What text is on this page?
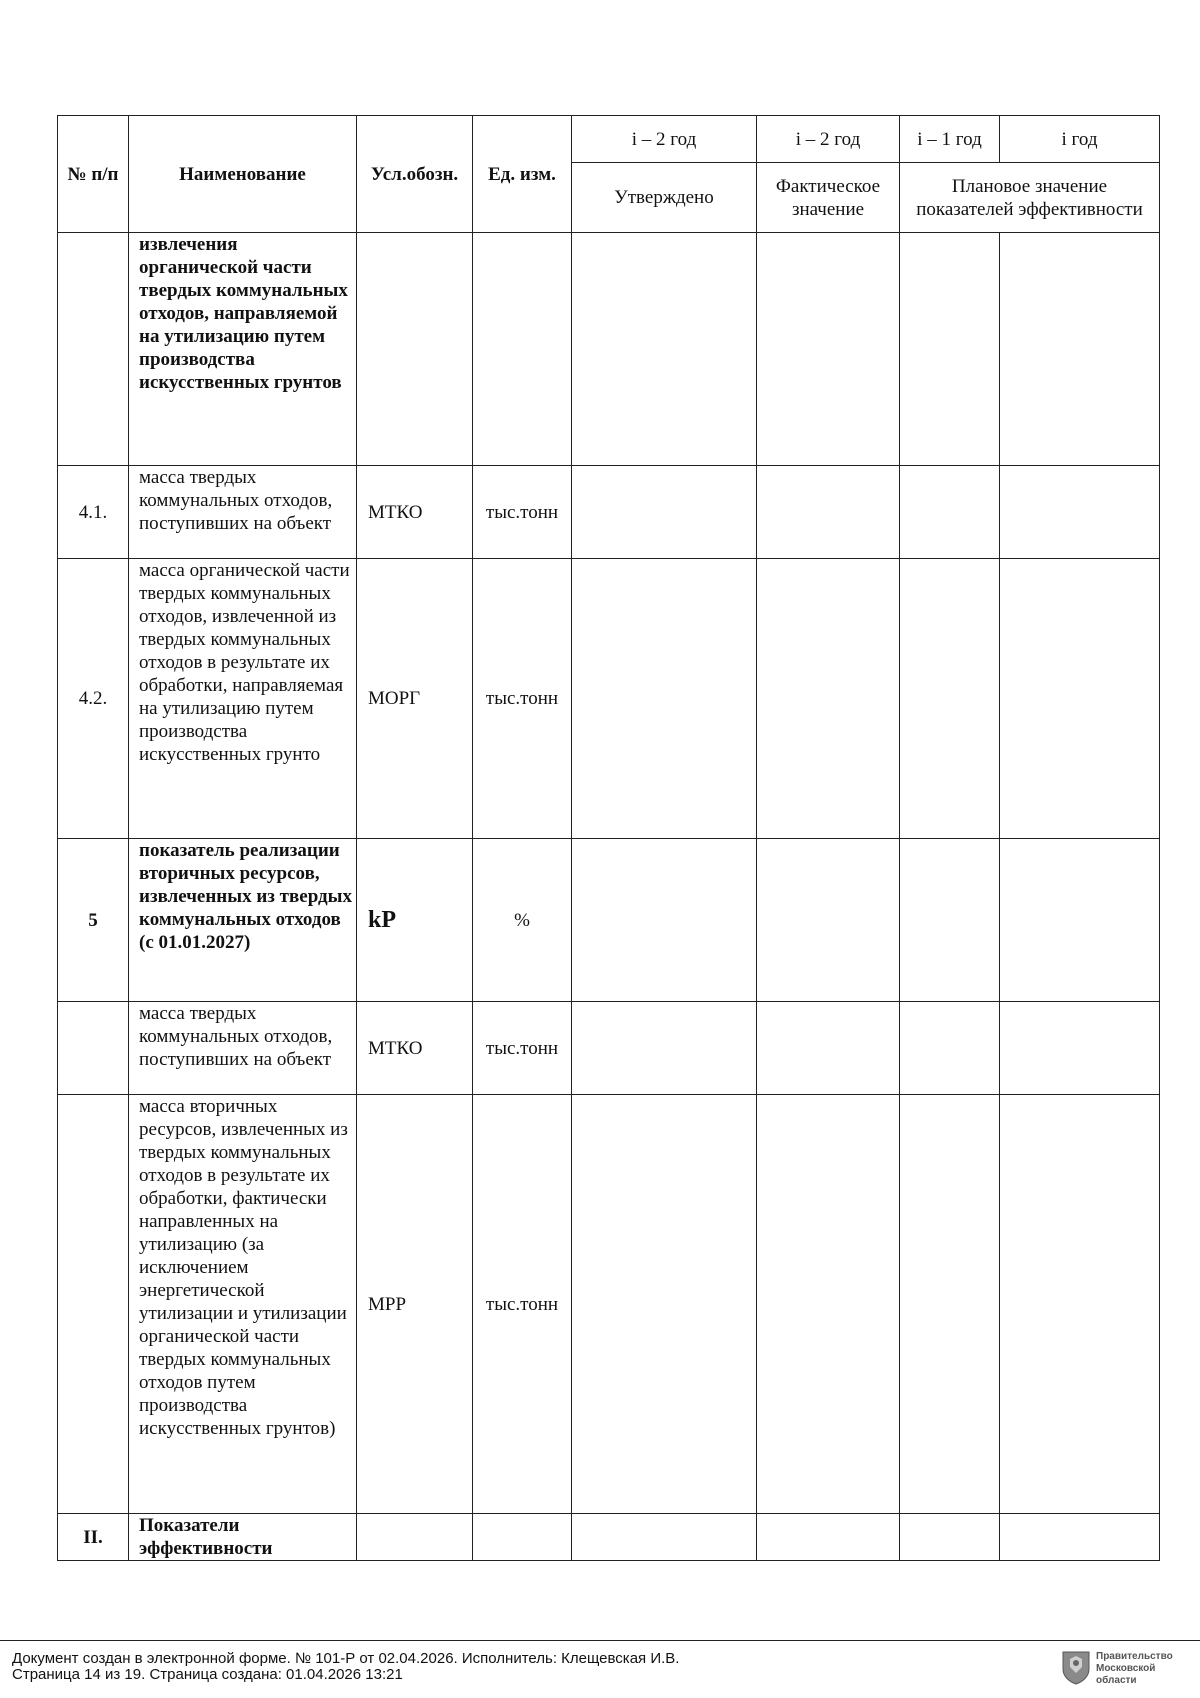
№ п/п	Наименование	Усл.обозн.	Ед. изм.	i – 2 год	i – 2 год	i – 1 год	i год
				Утверждено	Фактическое значение	Плановое значение показателей эффективности	
	извлечения органической части твердых коммунальных отходов, направляемой на утилизацию путем производства искусственных грунтов						
4.1.	масса твердых коммунальных отходов, поступивших на объект	МТКО	тыс.тонн				
4.2.	масса органической части твердых коммунальных отходов, извлеченной из твердых коммунальных отходов в результате их обработки, направляемая на утилизацию путем производства искусственных грунто	МОРГ	тыс.тонн				
5	показатель реализации вторичных ресурсов, извлеченных из твердых коммунальных отходов (с 01.01.2027)	kР	%				
	масса твердых коммунальных отходов, поступивших на объект	МТКО	тыс.тонн				
	масса вторичных ресурсов, извлеченных из твердых коммунальных отходов в результате их обработки, фактически направленных на утилизацию (за исключением энергетической утилизации и утилизации органической части твердых коммунальных отходов путем производства искусственных грунтов)	МРР	тыс.тонн				
II.	Показатели эффективности						
Документ создан в электронной форме. № 101-Р от 02.04.2026. Исполнитель: Клещевская И.В.
Страница 14 из 19. Страница создана: 01.04.2026 13:21
Правительство
Московской области
